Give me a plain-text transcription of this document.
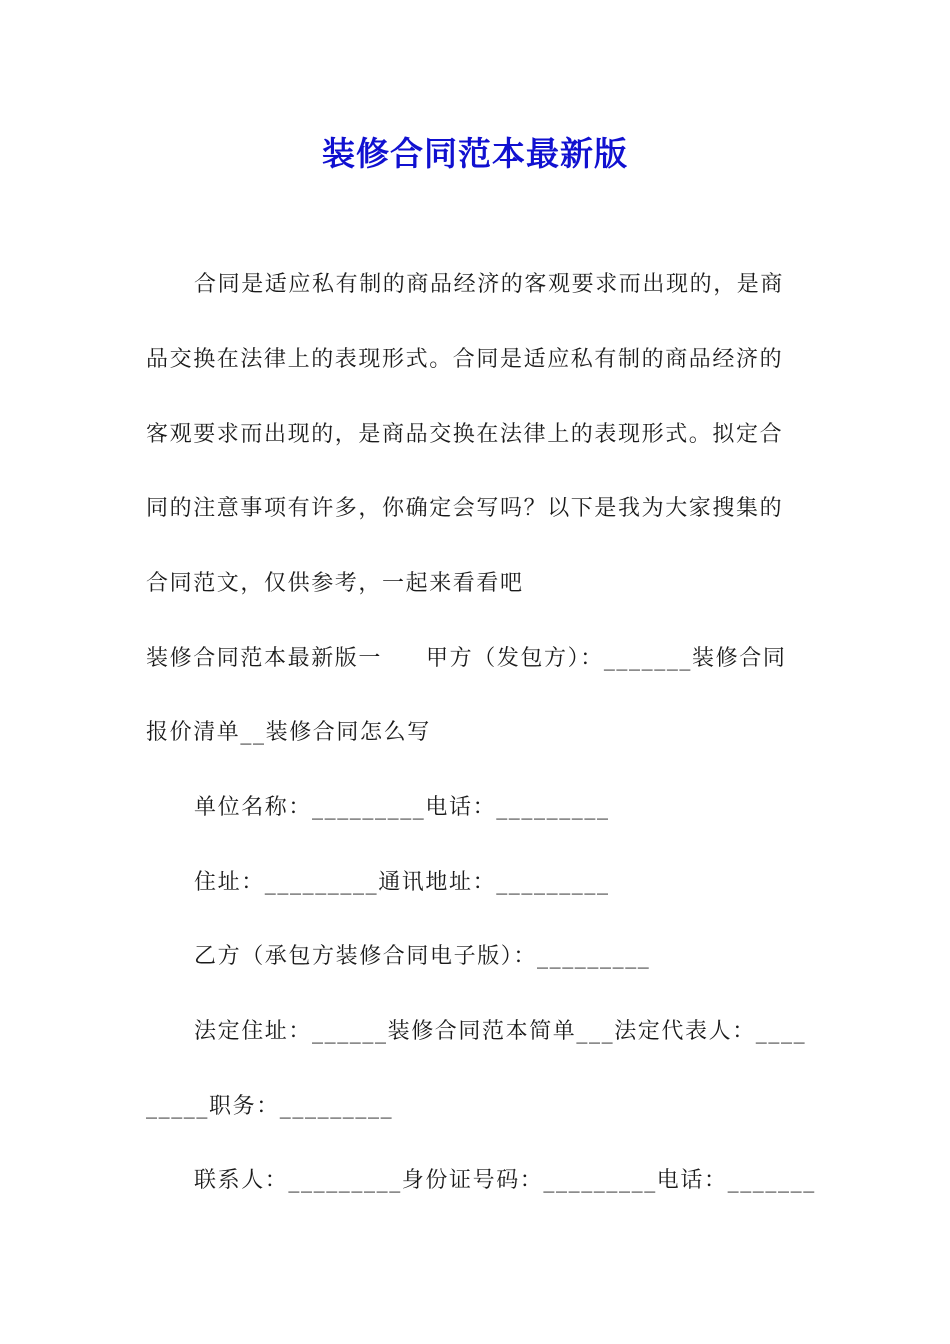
装修合同范本最新版
合同是适应私有制的商品经济的客观要求而出现的，是商
品交换在法律上的表现形式。合同是适应私有制的商品经济的
客观要求而出现的，是商品交换在法律上的表现形式。拟定合
同的注意事项有许多，你确定会写吗？以下是我为大家搜集的
合同范文，仅供参考，一起来看看吧
装修合同范本最新版一 甲方（发包方）：_______装修合同
报价清单__装修合同怎么写
单位名称：_________电话：_________
住址：_________通讯地址：_________
乙方（承包方装修合同电子版）：_________
法定住址：______装修合同范本简单___法定代表人：____
_____职务：_________
联系人：_________身份证号码：_________电话：_______
